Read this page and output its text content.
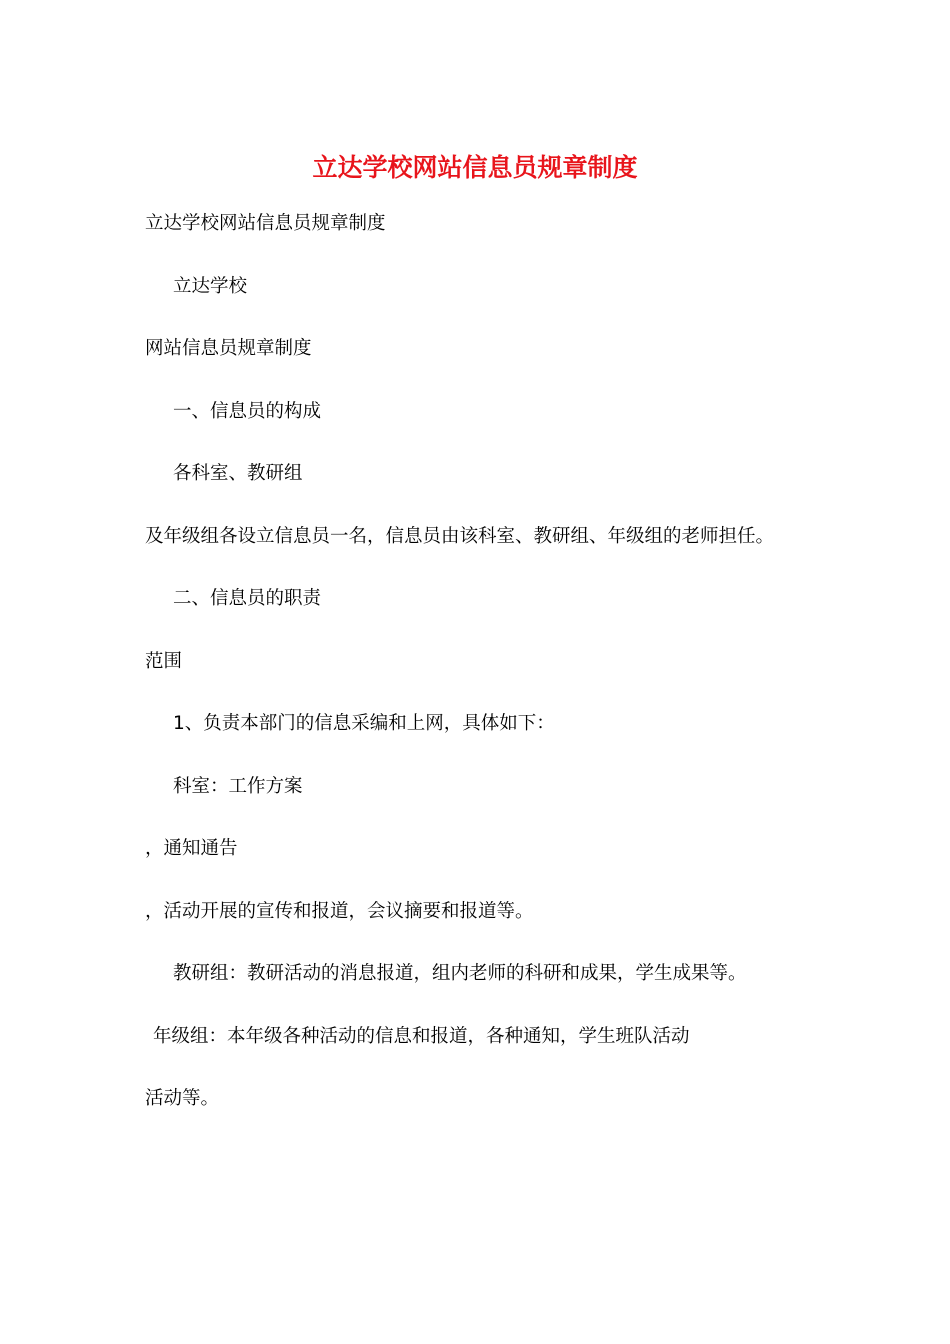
立达学校网站信息员规章制度
立达学校网站信息员规章制度
立达学校
网站信息员规章制度
一、信息员的构成
各科室、教研组
及年级组各设立信息员一名，信息员由该科室、教研组、年级组的老师担任。
二、信息员的职责
范围
1、负责本部门的信息采编和上网，具体如下：
科室：工作方案
，通知通告
，活动开展的宣传和报道，会议摘要和报道等。
教研组：教研活动的消息报道，组内老师的科研和成果，学生成果等。
年级组：本年级各种活动的信息和报道，各种通知，学生班队活动
活动等。
